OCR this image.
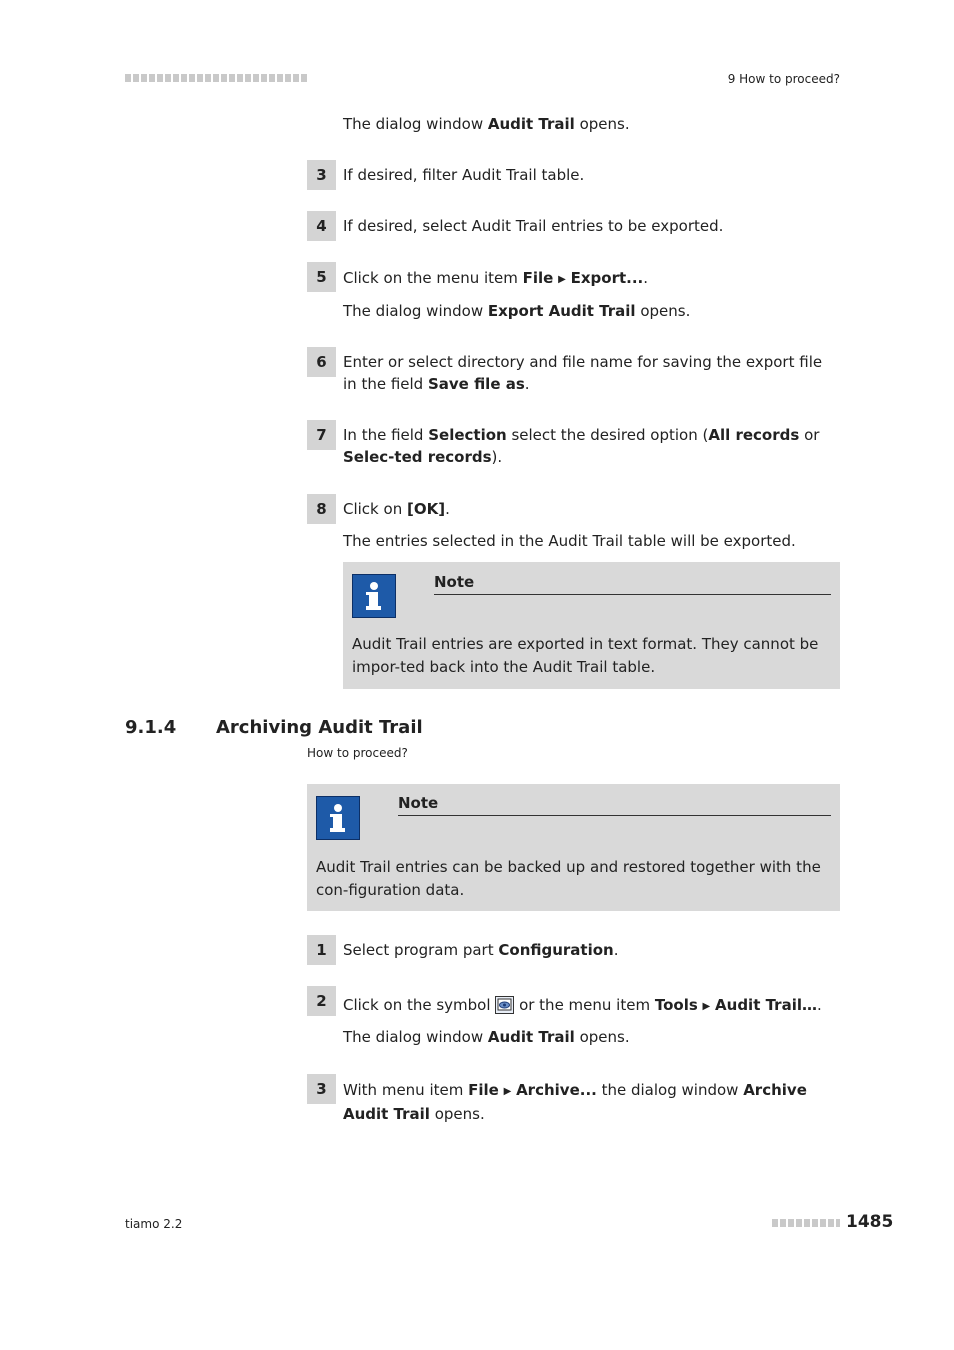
9 How to proceed?
The dialog window Audit Trail opens.
3	If desired, filter Audit Trail table.
4	If desired, select Audit Trail entries to be exported.
5	Click on the menu item File ▶ Export....
The dialog window Export Audit Trail opens.
6	Enter or select directory and file name for saving the export file in the field Save file as.
7	In the field Selection select the desired option (All records or Selec-ted records).
8	Click on [OK].
The entries selected in the Audit Trail table will be exported.
Note
Audit Trail entries are exported in text format. They cannot be impor-ted back into the Audit Trail table.
9.1.4 Archiving Audit Trail
How to proceed?
Note
Audit Trail entries can be backed up and restored together with the con-figuration data.
1	Select program part Configuration.
2	Click on the symbol  or the menu item Tools ▶ Audit Trail….
The dialog window Audit Trail opens.
3	With menu item File ▶ Archive... the dialog window Archive Audit Trail opens.
tiamo 2.2	1485
